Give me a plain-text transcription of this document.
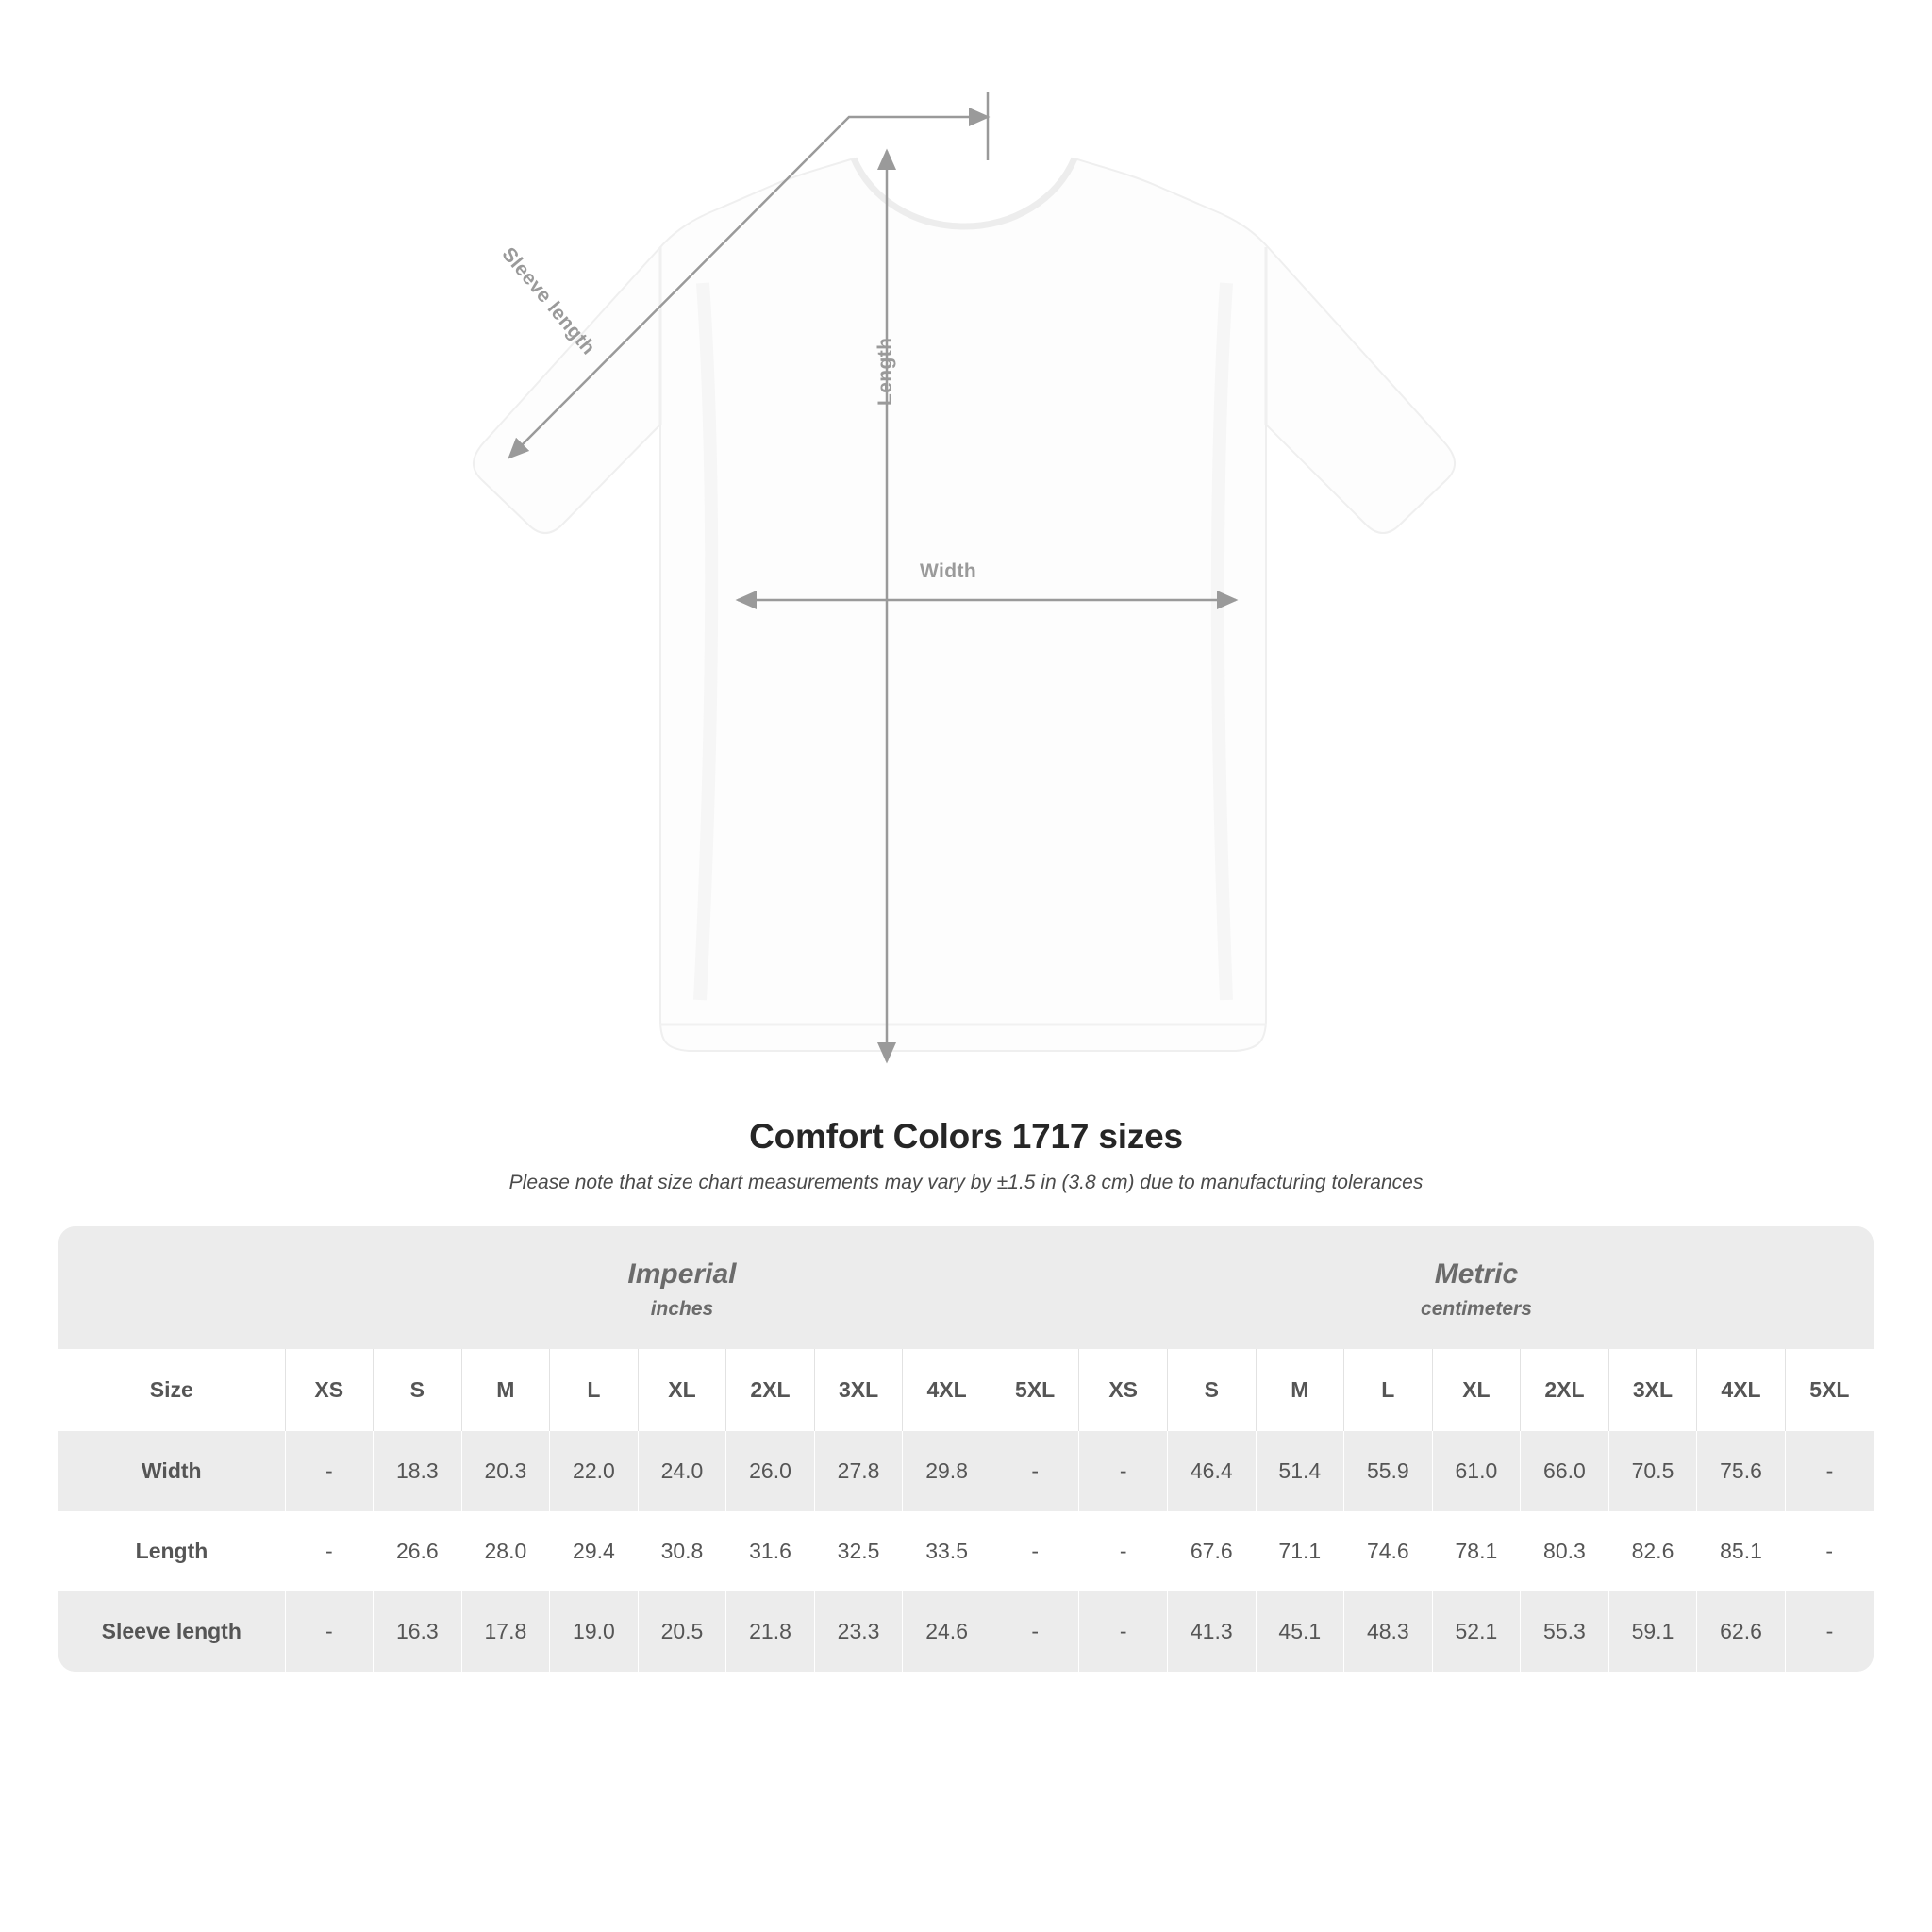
Width
Length
Sleeve length
Comfort Colors 1717 sizes

Please note that size chart measurements may vary by ±1.5 in (3.8 cm) due to manufacturing tolerances

	Imperial
inches									Metric
centimeters								

Size	XS	S	M	L	XL	2XL	3XL	4XL	5XL	XS	S	M	L	XL	2XL	3XL	4XL	5XL
Width	-	18.3	20.3	22.0	24.0	26.0	27.8	29.8	-	-	46.4	51.4	55.9	61.0	66.0	70.5	75.6	-
Length	-	26.6	28.0	29.4	30.8	31.6	32.5	33.5	-	-	67.6	71.1	74.6	78.1	80.3	82.6	85.1	-
Sleeve length	-	16.3	17.8	19.0	20.5	21.8	23.3	24.6	-	-	41.3	45.1	48.3	52.1	55.3	59.1	62.6	-
